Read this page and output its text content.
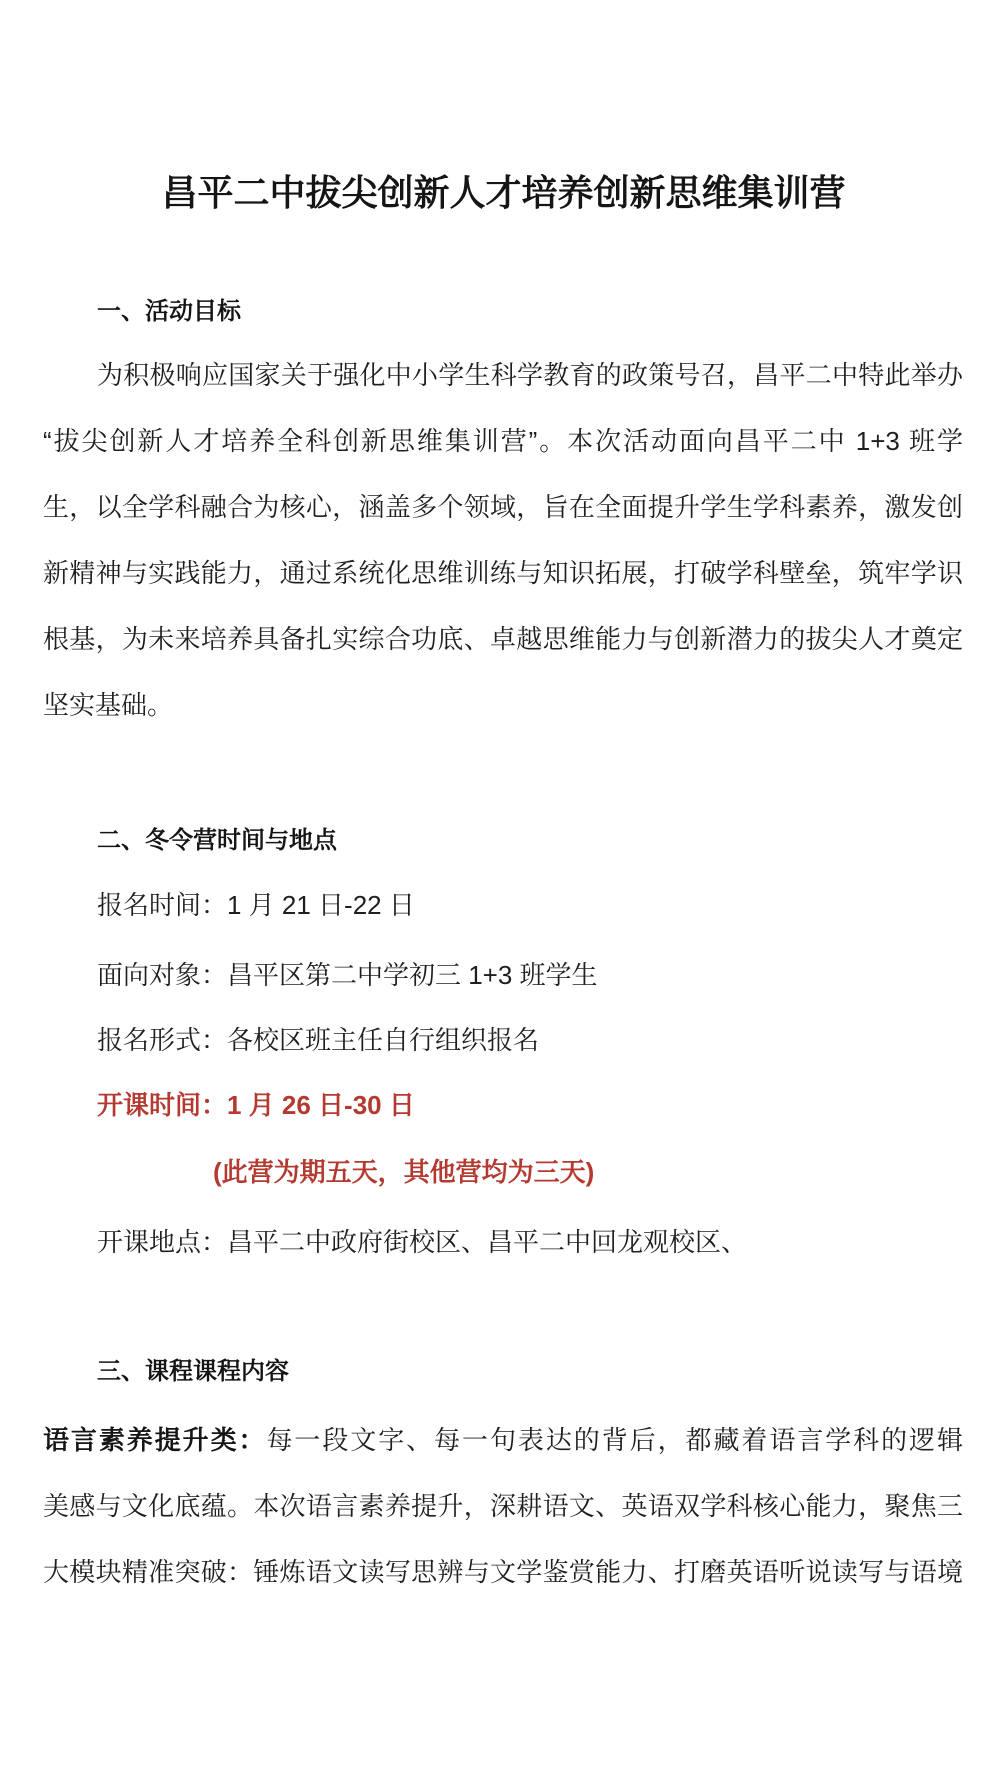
昌平二中拔尖创新人才培养创新思维集训营
一、活动目标
为积极响应国家关于强化中小学生科学教育的政策号召，昌平二中特此举办
“拔尖创新人才培养全科创新思维集训营”。本次活动面向昌平二中 1+3 班学
生，以全学科融合为核心，涵盖多个领域，旨在全面提升学生学科素养，激发创
新精神与实践能力，通过系统化思维训练与知识拓展，打破学科壁垒，筑牢学识
根基，为未来培养具备扎实综合功底、卓越思维能力与创新潜力的拔尖人才奠定
坚实基础。
二、冬令营时间与地点
报名时间：1 月 21 日-22 日
面向对象：昌平区第二中学初三 1+3 班学生
报名形式：各校区班主任自行组织报名
开课时间：1 月 26 日-30 日
(此营为期五天，其他营均为三天)
开课地点：昌平二中政府街校区、昌平二中回龙观校区、
三、课程课程内容
语言素养提升类：每一段文字、每一句表达的背后，都藏着语言学科的逻辑
美感与文化底蕴。本次语言素养提升，深耕语文、英语双学科核心能力，聚焦三
大模块精准突破：锤炼语文读写思辨与文学鉴赏能力、打磨英语听说读写与语境
